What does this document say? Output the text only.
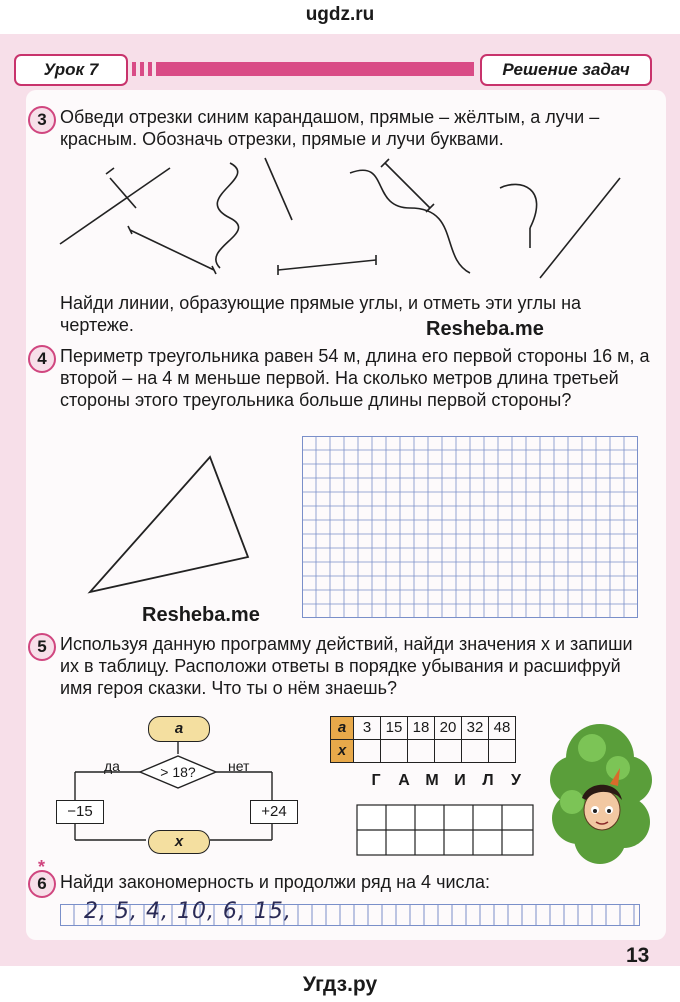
ugdz.ru
Урок 7	Решение задач
3 Обведи отрезки синим карандашом, прямые – жёлтым, а лучи – красным. Обозначь отрезки, прямые и лучи буквами.
Найди линии, образующие прямые углы, и отметь эти углы на чертеже.	Resheba.me
4 Периметр треугольника равен 54 м, длина его первой стороны 16 м, а второй – на 4 м меньше первой. На сколько метров длина третьей стороны этого треугольника больше длины первой стороны?
Resheba.me
5 Используя данную программу действий, найди значения x и запиши их в таблицу. Расположи ответы в порядке убывания и расшифруй имя героя сказки. Что ты о нём знаешь?
a
> 18?
да	нет
−15	+24
x
a	3 15 18 20 32 48
x
Г	А М И	Л	У
6
*
Найди закономерность и продолжи ряд на 4 числа:
2, 5, 4, 10, 6, 15,
13
Угдз.ру
